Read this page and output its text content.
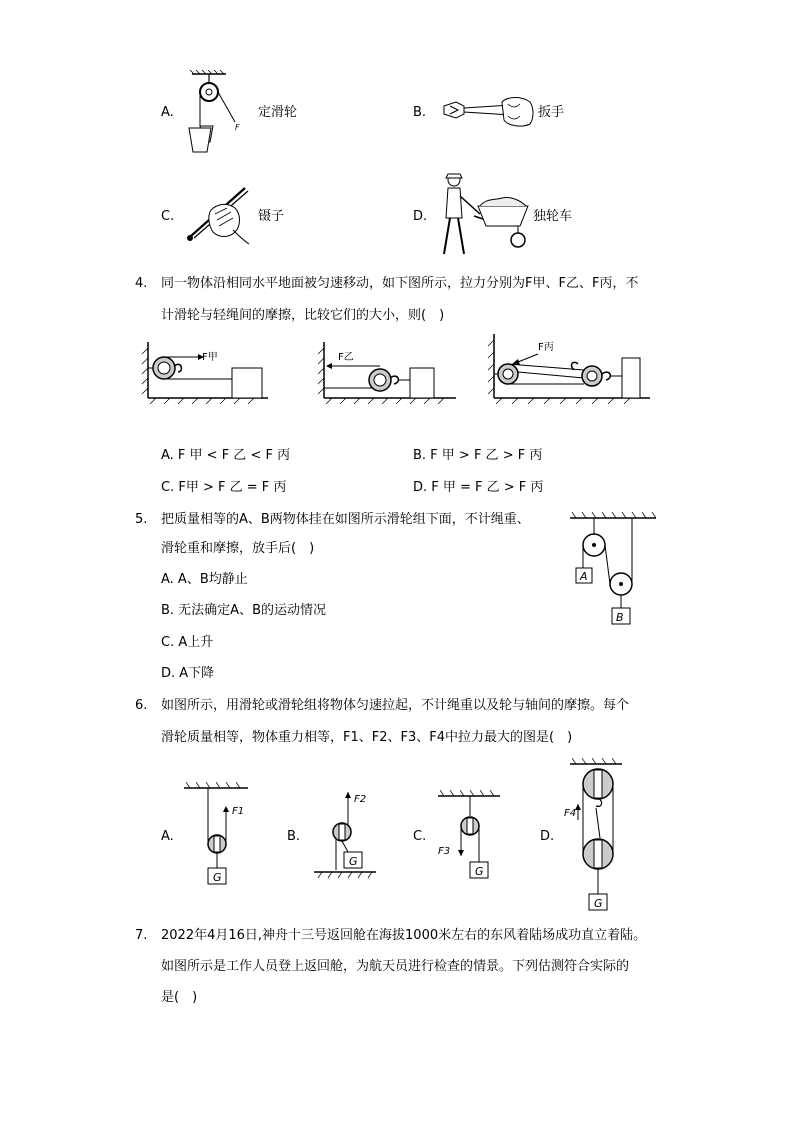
A.
F
定滑轮	B.	扳手
C.	镊子	D.	独轮车
4. 同一物体沿相同水平地面被匀速移动，如下图所示，拉力分别为F甲、F乙、F丙，不
计滑轮与轻绳间的摩擦，比较它们的大小，则(　)
F甲	F乙
F丙
A. F 甲 < F 乙 < F 丙	B. F 甲 > F 乙 > F 丙
C. F甲 > F 乙 = F 丙	D. F 甲 = F 乙 > F 丙
5. 把质量相等的A、B两物体挂在如图所示滑轮组下面，不计绳重、
滑轮重和摩擦，放手后(　)
A. A、B均静止
B. 无法确定A、B的运动情况
C. A上升
D. A下降
A
B
6. 如图所示，用滑轮或滑轮组将物体匀速拉起，不计绳重以及轮与轴间的摩擦。每个
滑轮质量相等，物体重力相等，F1、F2、F3、F4中拉力最大的图是(　)
A.
G
F1
B.
G
F2
C.
G
F3
D.
G
F4
7. 2022年4月16日,神舟十三号返回舱在海拔1000米左右的东风着陆场成功直立着陆。
如图所示是工作人员登上返回舱，为航天员进行检查的情景。下列估测符合实际的
是(　)
